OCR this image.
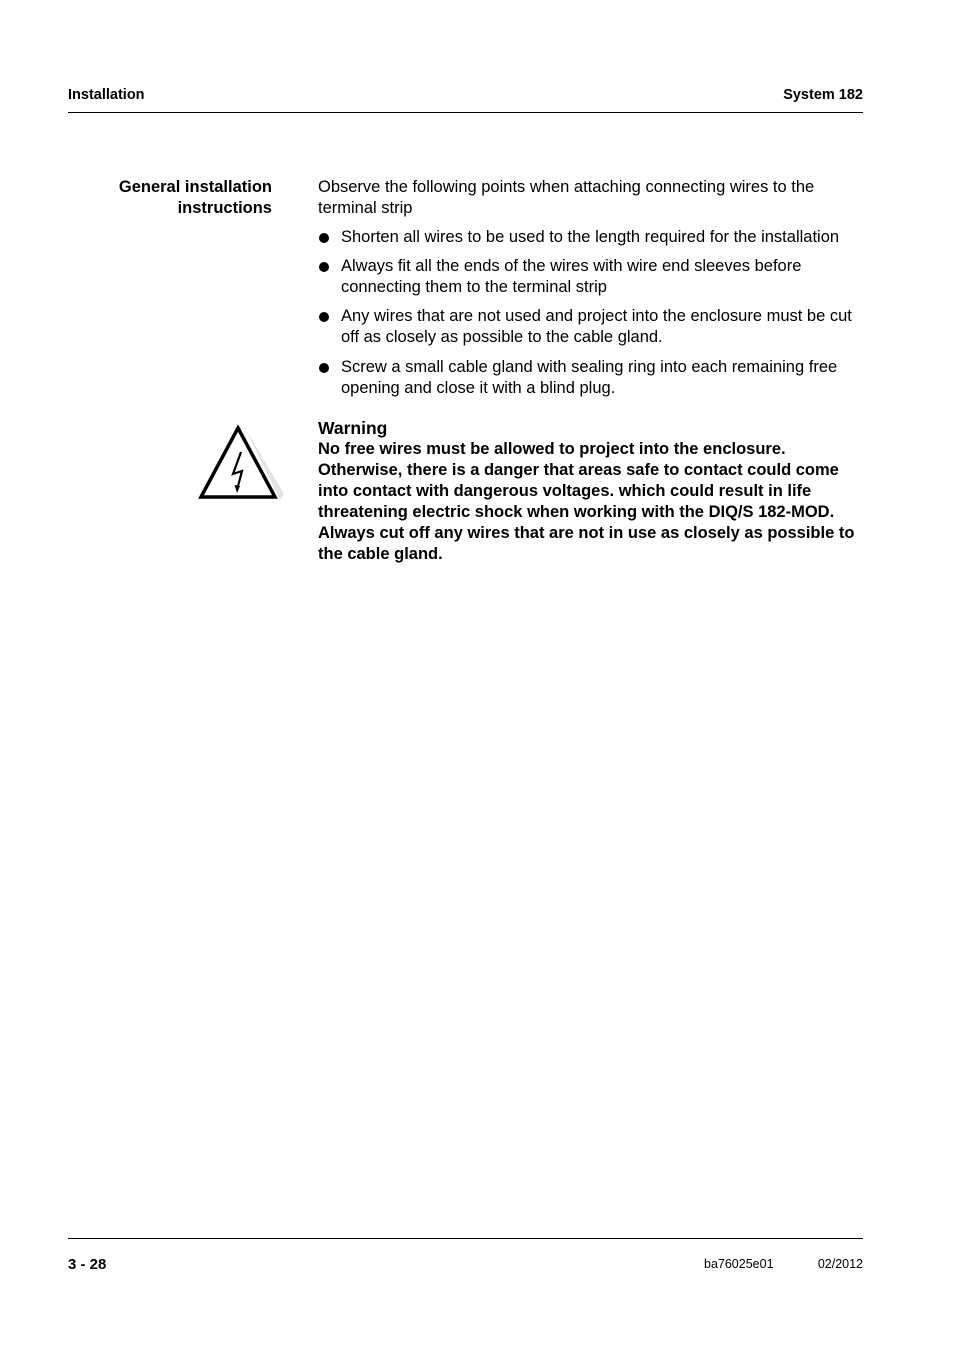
Installation	System 182
General installation
instructions

Observe the following points when attaching connecting wires to the terminal strip

Shorten all wires to be used to the length required for the installation
Always fit all the ends of the wires with wire end sleeves before connecting them to the terminal strip
Any wires that are not used and project into the enclosure must be cut off as closely as possible to the cable gland.
Screw a small cable gland with sealing ring into each remaining free opening and close it with a blind plug.

Warning

No free wires must be allowed to project into the enclosure. Otherwise, there is a danger that areas safe to contact could come into contact with dangerous voltages. which could result in life threatening electric shock when working with the DIQ/S 182-MOD. Always cut off any wires that are not in use as closely as possible to the cable gland.

3 - 28	ba76025e01	02/2012
